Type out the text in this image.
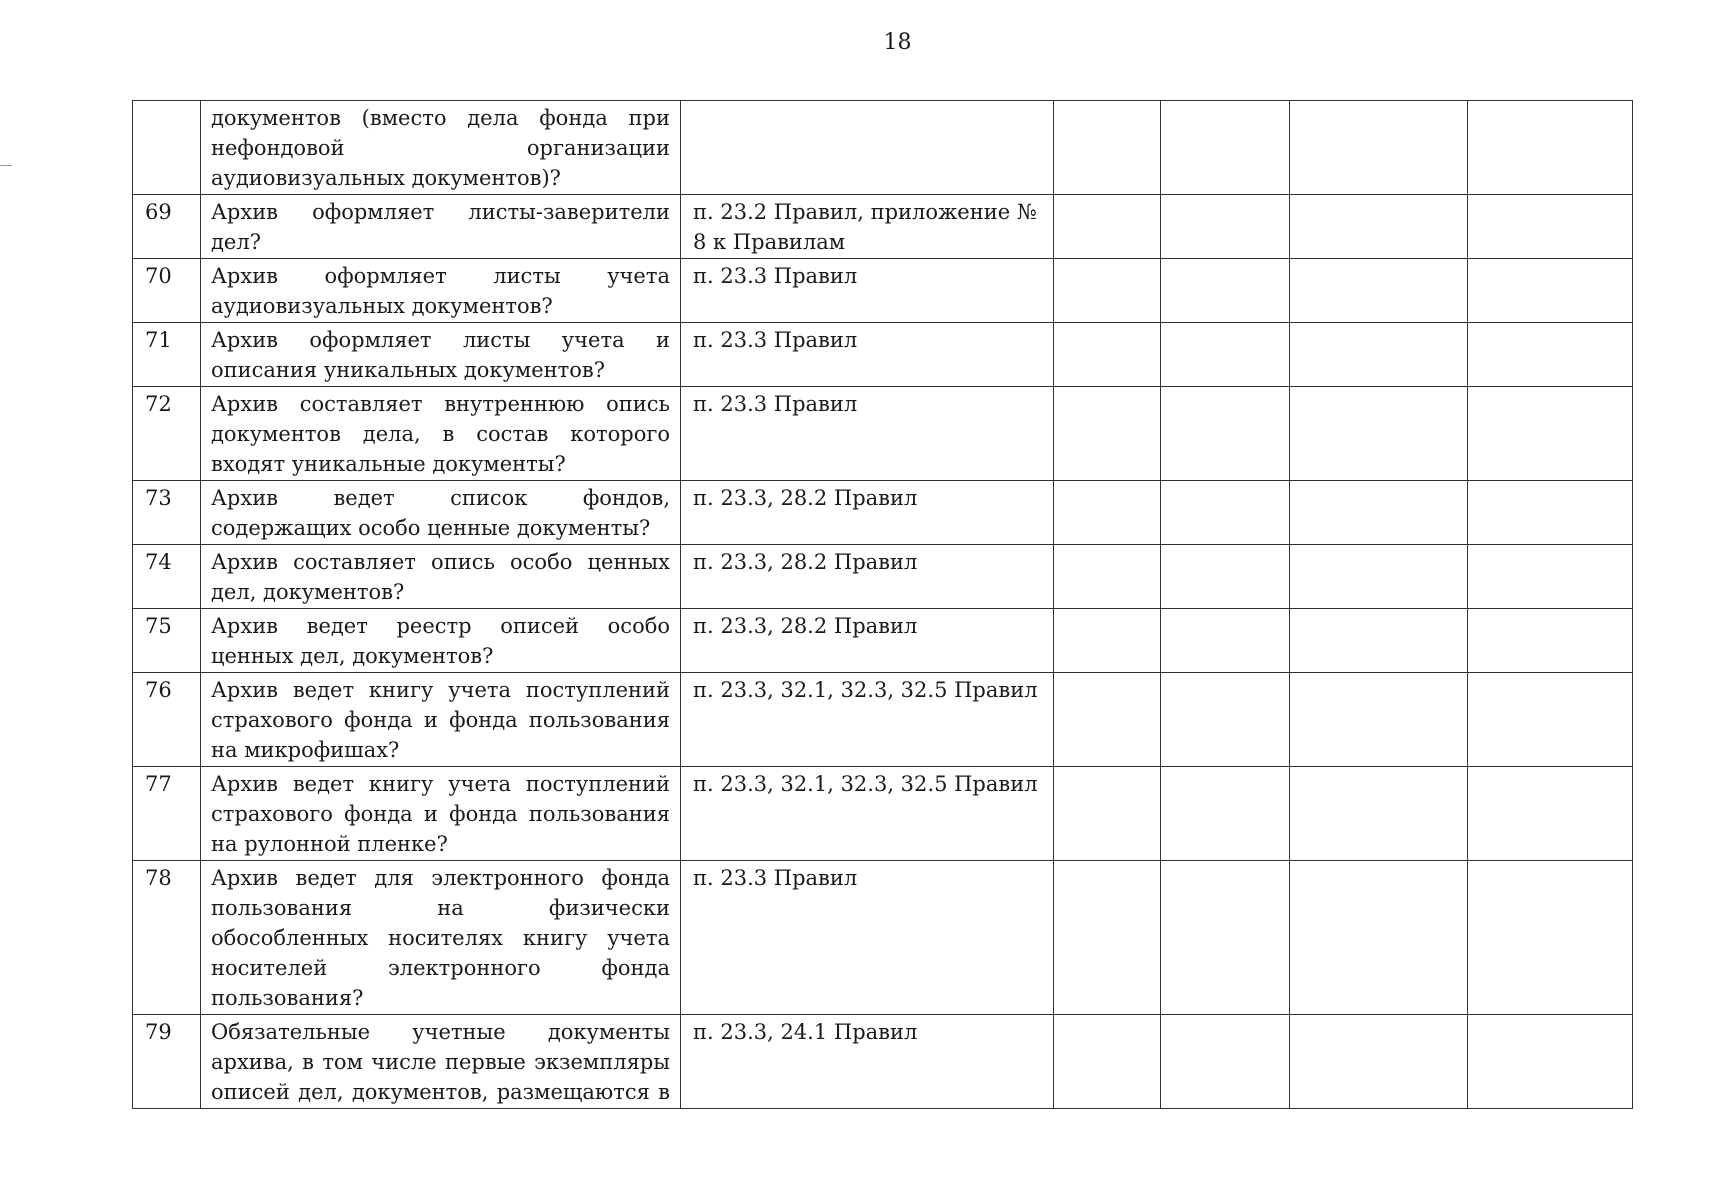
18
	документов (вместо дела фонда при нефондовой организации аудиовизуальных документов)?					
69	Архив оформляет листы-заверители дел?	п. 23.2 Правил, приложение № 8 к Правилам				
70	Архив оформляет листы учета аудиовизуальных документов?	п. 23.3 Правил				
71	Архив оформляет листы учета и описания уникальных документов?	п. 23.3 Правил				
72	Архив составляет внутреннюю опись документов дела, в состав которого входят уникальные документы?	п. 23.3 Правил				
73	Архив ведет список фондов, содержащих особо ценные документы?	п. 23.3, 28.2 Правил				
74	Архив составляет опись особо ценных дел, документов?	п. 23.3, 28.2 Правил				
75	Архив ведет реестр описей особо ценных дел, документов?	п. 23.3, 28.2 Правил				
76	Архив ведет книгу учета поступлений страхового фонда и фонда пользования на микрофишах?	п. 23.3, 32.1, 32.3, 32.5 Правил				
77	Архив ведет книгу учета поступлений страхового фонда и фонда пользования на рулонной пленке?	п. 23.3, 32.1, 32.3, 32.5 Правил				
78	Архив ведет для электронного фонда пользования на физически обособленных носителях книгу учета носителей электронного фонда пользования?	п. 23.3 Правил				
79	Обязательные учетные документы архива, в том числе первые экземпляры описей дел, документов, размещаются в	п. 23.3, 24.1 Правил				
